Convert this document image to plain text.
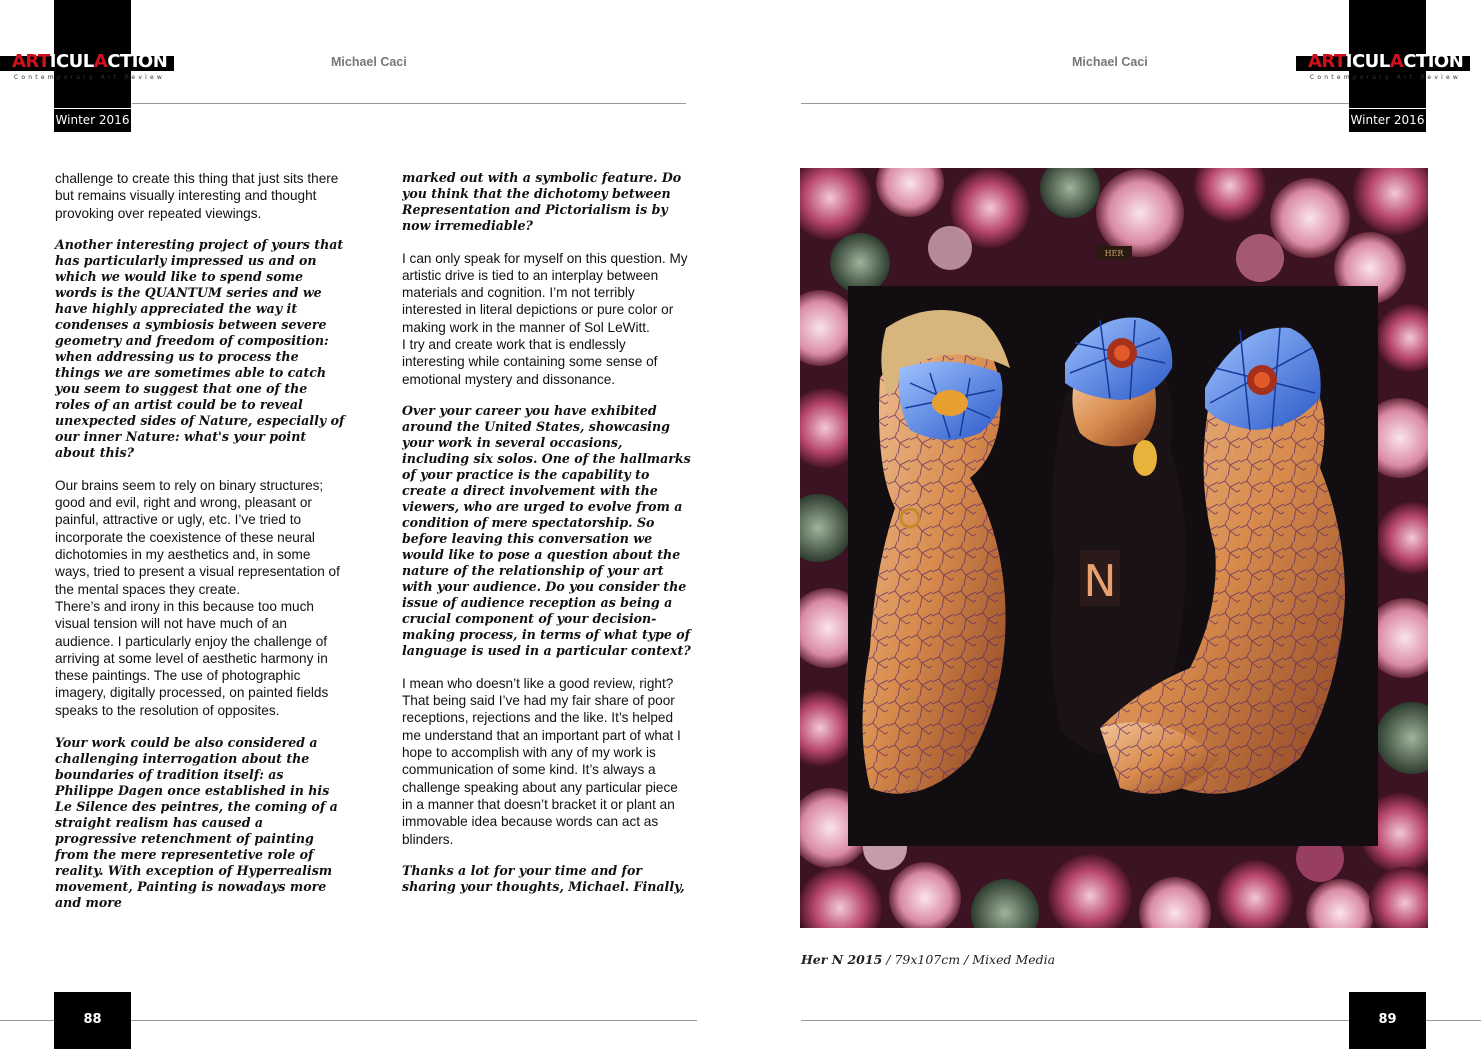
ARTICULACTION
Contemporary Art Review
Michael Caci
Winter 2016

challenge to create this thing that just sits there but remains visually interesting and thought provoking over repeated viewings.

Another interesting project of yours that has particularly impressed us and on which we would like to spend some words is the QUANTUM series and we have highly appreciated the way it condenses a symbiosis between severe geometry and freedom of composition: when addressing us to process the things we are sometimes able to catch you seem to suggest that one of the roles of an artist could be to reveal unexpected sides of Nature, especially of our inner Nature: what's your point about this?

Our brains seem to rely on binary structures; good and evil, right and wrong, pleasant or painful, attractive or ugly, etc. I’ve tried to incorporate the coexistence of these neural dichotomies in my aesthetics and, in some ways, tried to present a visual representation of the mental spaces they create.

There’s and irony in this because too much visual tension will not have much of an audience. I particularly enjoy the challenge of arriving at some level of aesthetic harmony in these paintings. The use of photographic imagery, digitally processed, on painted fields speaks to the resolution of opposites.

Your work could be also considered a challenging interrogation about the boundaries of tradition itself: as Philippe Dagen once established in his Le Silence des peintres, the coming of a straight realism has caused a progressive retenchment of painting from the mere representetive role of reality. With exception of Hyperrealism movement, Painting is nowadays more and more

marked out with a symbolic feature. Do you think that the dichotomy between Representation and Pictorialism is by now irremediable?

I can only speak for myself on this question. My artistic drive is tied to an interplay between materials and cognition. I’m not terribly interested in literal depictions or pure color or making work in the manner of Sol LeWitt.

I try and create work that is endlessly interesting while containing some sense of emotional mystery and dissonance.

Over your career you have exhibited around the United States, showcasing your work in several occasions, including six solos. One of the hallmarks of your practice is the capability to create a direct involvement with the viewers, who are urged to evolve from a condition of mere spectatorship. So before leaving this conversation we would like to pose a question about the nature of the relationship of your art with your audience. Do you consider the issue of audience reception as being a crucial component of your decision-making process, in terms of what type of language is used in a particular context?

I mean who doesn’t like a good review, right? That being said I’ve had my fair share of poor receptions, rejections and the like. It’s helped me understand that an important part of what I hope to accomplish with any of my work is communication of some kind. It’s always a challenge speaking about any particular piece in a manner that doesn’t bracket it or plant an immovable idea because words can act as blinders.

Thanks a lot for your time and for sharing your thoughts, Michael. Finally,

88
ARTICULACTION
Contemporary Art Review
Michael Caci
Winter 2016
HER
N
Her N 2015 / 79x107cm / Mixed Media
89
